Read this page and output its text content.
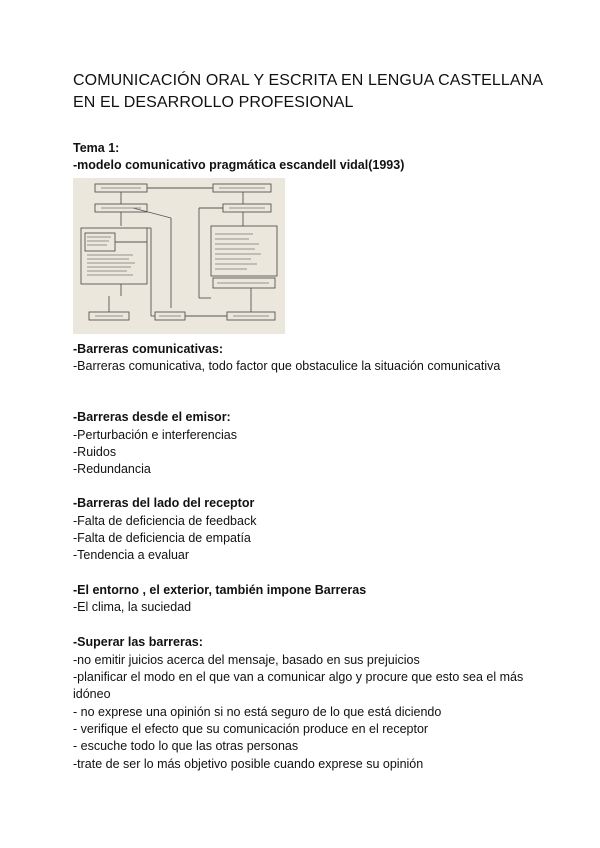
COMUNICACIÓN ORAL Y ESCRITA EN LENGUA CASTELLANA EN EL DESARROLLO PROFESIONAL
Tema 1:
-modelo comunicativo pragmática escandell vidal(1993)
-Barreras comunicativas:
-Barreras comunicativa, todo factor que obstaculice la situación comunicativa
-Barreras desde el emisor:
-Perturbación e interferencias
-Ruidos
-Redundancia
-Barreras del lado del receptor
-Falta de deficiencia de feedback
-Falta de deficiencia de empatía
-Tendencia a evaluar
-El entorno , el exterior, también impone Barreras
-El clima, la suciedad
-Superar las barreras:
-no emitir juicios acerca del mensaje, basado en sus prejuicios
-planificar el modo en el que van a comunicar algo y procure que esto sea el más idóneo
- no exprese una opinión si no está seguro de lo que está diciendo
- verifique el efecto que su comunicación produce en el receptor
- escuche todo lo que las otras personas
-trate de ser lo más objetivo posible cuando exprese su opinión
